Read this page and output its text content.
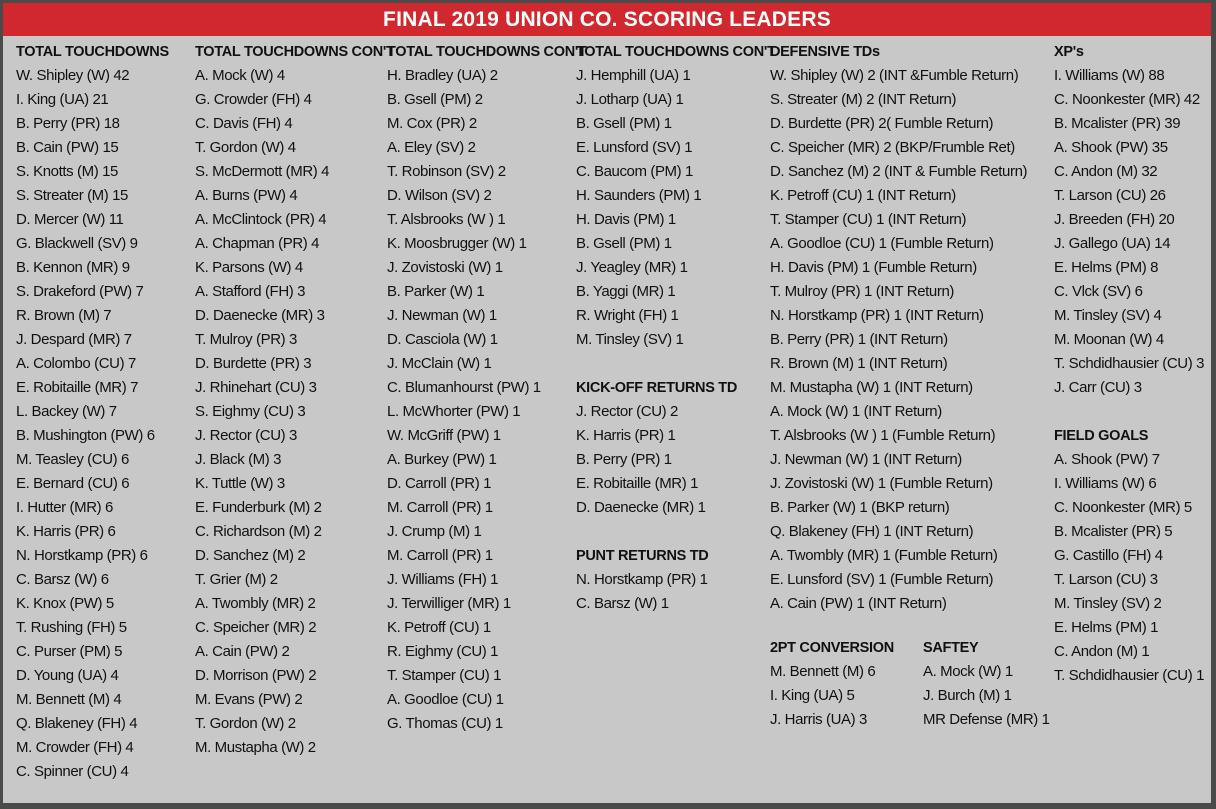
FINAL 2019 UNION CO. SCORING LEADERS
TOTAL TOUCHDOWNS
W. Shipley (W) 42
I. King (UA) 21
B. Perry (PR) 18
B. Cain (PW) 15
S. Knotts (M) 15
S. Streater (M) 15
D. Mercer (W) 11
G. Blackwell (SV) 9
B. Kennon (MR) 9
S. Drakeford (PW) 7
R. Brown (M) 7
J. Despard (MR) 7
A. Colombo (CU) 7
E. Robitaille (MR) 7
L. Backey (W) 7
B. Mushington (PW) 6
M. Teasley (CU) 6
E. Bernard (CU) 6
I. Hutter (MR) 6
K. Harris (PR) 6
N. Horstkamp (PR) 6
C. Barsz (W) 6
K. Knox (PW) 5
T. Rushing (FH) 5
C. Purser (PM) 5
D. Young (UA) 4
M. Bennett (M) 4
Q. Blakeney (FH) 4
M. Crowder (FH) 4
C. Spinner (CU) 4
TOTAL TOUCHDOWNS CON'T
A. Mock (W) 4
G. Crowder (FH) 4
C. Davis (FH) 4
T. Gordon (W) 4
S. McDermott (MR) 4
A. Burns (PW) 4
A. McClintock (PR) 4
A. Chapman (PR) 4
K. Parsons (W) 4
A. Stafford (FH) 3
D. Daenecke (MR) 3
T. Mulroy (PR) 3
D. Burdette (PR) 3
J. Rhinehart (CU) 3
S. Eighmy (CU) 3
J. Rector (CU) 3
J. Black (M) 3
K. Tuttle (W) 3
E. Funderburk (M) 2
C. Richardson (M) 2
D. Sanchez (M) 2
T. Grier (M) 2
A. Twombly (MR) 2
C. Speicher (MR) 2
A. Cain (PW) 2
D. Morrison (PW) 2
M. Evans (PW) 2
T. Gordon (W) 2
M. Mustapha (W) 2
TOTAL TOUCHDOWNS CON'T
H. Bradley (UA) 2
B. Gsell (PM) 2
M. Cox (PR) 2
A. Eley (SV) 2
T. Robinson (SV) 2
D. Wilson (SV) 2
T. Alsbrooks (W ) 1
K. Moosbrugger (W) 1
J. Zovistoski (W) 1
B. Parker (W) 1
J. Newman (W) 1
D. Casciola (W) 1
J. McClain (W) 1
C. Blumanhourst (PW) 1
L. McWhorter (PW) 1
W. McGriff (PW) 1
A. Burkey (PW) 1
D. Carroll (PR) 1
M. Carroll (PR) 1
J. Crump (M) 1
M. Carroll (PR) 1
J. Williams (FH) 1
J. Terwilliger (MR) 1
K. Petroff (CU) 1
R. Eighmy (CU) 1
T. Stamper (CU) 1
A. Goodloe (CU) 1
G. Thomas (CU) 1
TOTAL TOUCHDOWNS CON'T
J. Hemphill (UA) 1
J. Lotharp (UA) 1
B. Gsell (PM) 1
E. Lunsford (SV) 1
C. Baucom (PM) 1
H. Saunders (PM) 1
H. Davis (PM) 1
B. Gsell (PM) 1
J. Yeagley (MR) 1
B. Yaggi (MR) 1
R. Wright (FH) 1
M. Tinsley (SV) 1
KICK-OFF RETURNS TD
J. Rector (CU) 2
K. Harris (PR) 1
B. Perry (PR) 1
E. Robitaille (MR) 1
D. Daenecke (MR) 1
PUNT RETURNS TD
N. Horstkamp (PR) 1
C. Barsz (W) 1
DEFENSIVE TDs
W. Shipley (W) 2 (INT &Fumble Return)
S. Streater (M) 2 (INT Return)
D. Burdette (PR) 2( Fumble Return)
C. Speicher (MR) 2 (BKP/Frumble Ret)
D. Sanchez (M) 2 (INT & Fumble Return)
K. Petroff (CU) 1 (INT Return)
T. Stamper (CU) 1 (INT Return)
A. Goodloe (CU) 1 (Fumble Return)
H. Davis (PM) 1 (Fumble Return)
T. Mulroy (PR) 1 (INT Return)
N. Horstkamp (PR) 1 (INT Return)
B. Perry (PR) 1 (INT Return)
R. Brown (M) 1 (INT Return)
M. Mustapha (W) 1 (INT Return)
A. Mock (W) 1 (INT Return)
T. Alsbrooks (W ) 1 (Fumble Return)
J. Newman (W) 1 (INT Return)
J. Zovistoski (W) 1 (Fumble Return)
B. Parker (W) 1 (BKP return)
Q. Blakeney (FH) 1 (INT Return)
A. Twombly (MR) 1 (Fumble Return)
E. Lunsford (SV) 1 (Fumble Return)
A. Cain (PW) 1 (INT Return)
XP's
I. Williams (W) 88
C. Noonkester (MR) 42
B. Mcalister (PR) 39
A. Shook (PW) 35
C. Andon (M) 32
T. Larson (CU) 26
J. Breeden (FH) 20
J. Gallego (UA) 14
E. Helms (PM) 8
C. Vlck (SV) 6
M. Tinsley (SV) 4
M. Moonan (W) 4
T. Schdidhausier (CU) 3
J. Carr (CU) 3
FIELD GOALS
A. Shook (PW) 7
I. Williams (W) 6
C. Noonkester (MR) 5
B. Mcalister (PR) 5
G. Castillo (FH) 4
T. Larson (CU) 3
M. Tinsley (SV) 2
E. Helms (PM) 1
C. Andon (M) 1
T. Schdidhausier (CU) 1
2PT CONVERSION
M. Bennett (M) 6
I. King (UA) 5
J. Harris (UA) 3
SAFTEY
A. Mock (W) 1
J. Burch (M) 1
MR Defense (MR) 1
